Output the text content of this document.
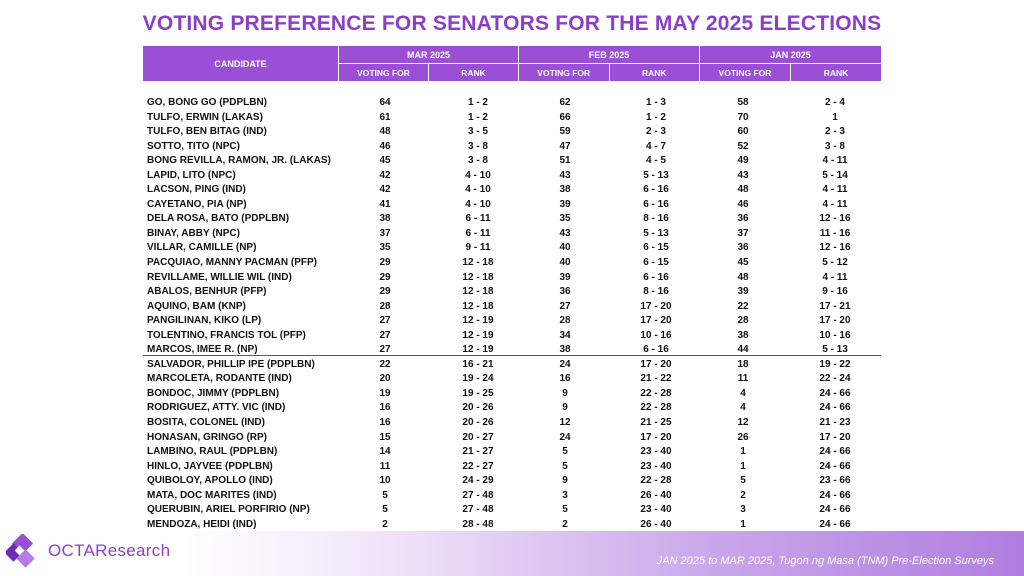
VOTING PREFERENCE FOR SENATORS FOR THE MAY 2025 ELECTIONS
CANDIDATE
MAR 2025
VOTING FOR	RANK
FEB 2025
VOTING FOR	RANK
JAN 2025
VOTING FOR	RANK
GO, BONG GO (PDPLBN)	64	1 - 2	62	1 - 3	58	2 - 4
TULFO, ERWIN (LAKAS)	61	1 - 2	66	1 - 2	70	1
TULFO, BEN BITAG (IND)	48	3 - 5	59	2 - 3	60	2 - 3
SOTTO, TITO (NPC)	46	3 - 8	47	4 - 7	52	3 - 8
BONG REVILLA, RAMON, JR. (LAKAS)	45	3 - 8	51	4 - 5	49	4 - 11
LAPID, LITO (NPC)	42	4 - 10	43	5 - 13	43	5 - 14
LACSON, PING (IND)	42	4 - 10	38	6 - 16	48	4 - 11
CAYETANO, PIA (NP)	41	4 - 10	39	6 - 16	46	4 - 11
DELA ROSA, BATO (PDPLBN)	38	6 - 11	35	8 - 16	36	12 - 16
BINAY, ABBY (NPC)	37	6 - 11	43	5 - 13	37	11 - 16
VILLAR, CAMILLE (NP)	35	9 - 11	40	6 - 15	36	12 - 16
PACQUIAO, MANNY PACMAN (PFP)	29	12 - 18	40	6 - 15	45	5 - 12
REVILLAME, WILLIE WIL (IND)	29	12 - 18	39	6 - 16	48	4 - 11
ABALOS, BENHUR (PFP)	29	12 - 18	36	8 - 16	39	9 - 16
AQUINO, BAM (KNP)	28	12 - 18	27	17 - 20	22	17 - 21
PANGILINAN, KIKO (LP)	27	12 - 19	28	17 - 20	28	17 - 20
TOLENTINO, FRANCIS TOL (PFP)	27	12 - 19	34	10 - 16	38	10 - 16
MARCOS, IMEE R. (NP)	27	12 - 19	38	6 - 16	44	5 - 13
SALVADOR, PHILLIP IPE (PDPLBN)	22	16 - 21	24	17 - 20	18	19 - 22
MARCOLETA, RODANTE (IND)	20	19 - 24	16	21 - 22	11	22 - 24
BONDOC, JIMMY (PDPLBN)	19	19 - 25	9	22 - 28	4	24 - 66
RODRIGUEZ, ATTY. VIC (IND)	16	20 - 26	9	22 - 28	4	24 - 66
BOSITA, COLONEL (IND)	16	20 - 26	12	21 - 25	12	21 - 23
HONASAN, GRINGO (RP)	15	20 - 27	24	17 - 20	26	17 - 20
LAMBINO, RAUL (PDPLBN)	14	21 - 27	5	23 - 40	1	24 - 66
HINLO, JAYVEE (PDPLBN)	11	22 - 27	5	23 - 40	1	24 - 66
QUIBOLOY, APOLLO (IND)	10	24 - 29	9	22 - 28	5	23 - 66
MATA, DOC MARITES (IND)	5	27 - 48	3	26 - 40	2	24 - 66
QUERUBIN, ARIEL PORFIRIO (NP)	5	27 - 48	5	23 - 40	3	24 - 66
MENDOZA, HEIDI (IND)	2	28 - 48	2	26 - 40	1	24 - 66
OCTAResearch
JAN 2025 to MAR 2025, Tugon ng Masa (TNM) Pre-Election Surveys
